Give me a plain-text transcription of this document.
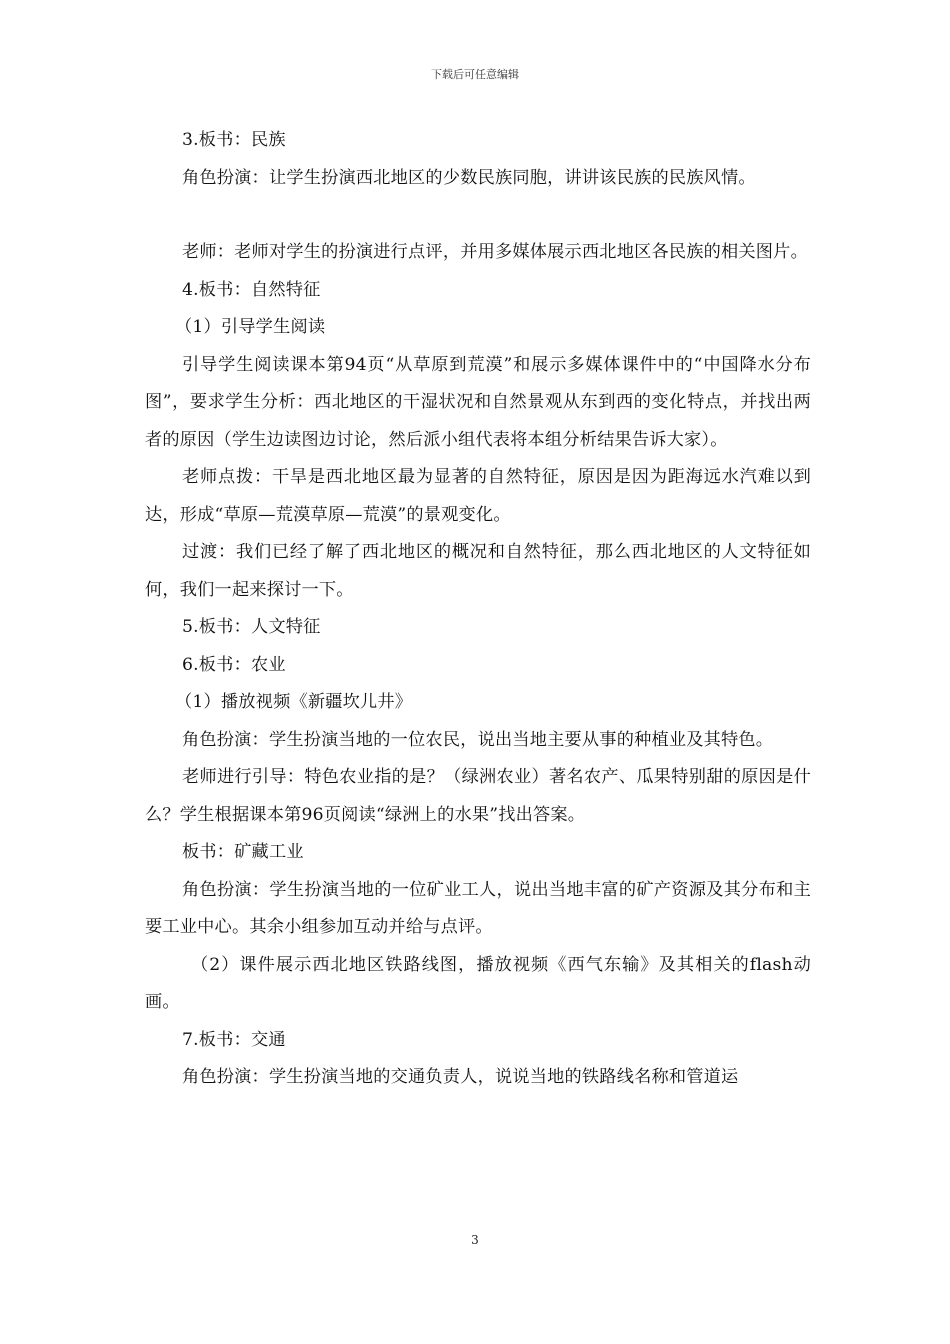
下载后可任意编辑

3.板书：民族

角色扮演：让学生扮演西北地区的少数民族同胞，讲讲该民族的民族风情。

老师：老师对学生的扮演进行点评，并用多媒体展示西北地区各民族的相关图片。

4.板书：自然特征

（1）引导学生阅读

引导学生阅读课本第94页“从草原到荒漠”和展示多媒体课件中的“中国降水分布图”，要求学生分析：西北地区的干湿状况和自然景观从东到西的变化特点，并找出两者的原因（学生边读图边讨论，然后派小组代表将本组分析结果告诉大家）。

老师点拨：干旱是西北地区最为显著的自然特征，原因是因为距海远水汽难以到达，形成“草原—荒漠草原—荒漠”的景观变化。

过渡：我们已经了解了西北地区的概况和自然特征，那么西北地区的人文特征如何，我们一起来探讨一下。

5.板书：人文特征

6.板书：农业

（1）播放视频《新疆坎儿井》

角色扮演：学生扮演当地的一位农民，说出当地主要从事的种植业及其特色。

老师进行引导：特色农业指的是？（绿洲农业）著名农产、瓜果特别甜的原因是什么？学生根据课本第96页阅读“绿洲上的水果”找出答案。

板书：矿藏工业

角色扮演：学生扮演当地的一位矿业工人，说出当地丰富的矿产资源及其分布和主要工业中心。其余小组参加互动并给与点评。

（2）课件展示西北地区铁路线图，播放视频《西气东输》及其相关的flash动画。

7.板书：交通

角色扮演：学生扮演当地的交通负责人，说说当地的铁路线名称和管道运

3
